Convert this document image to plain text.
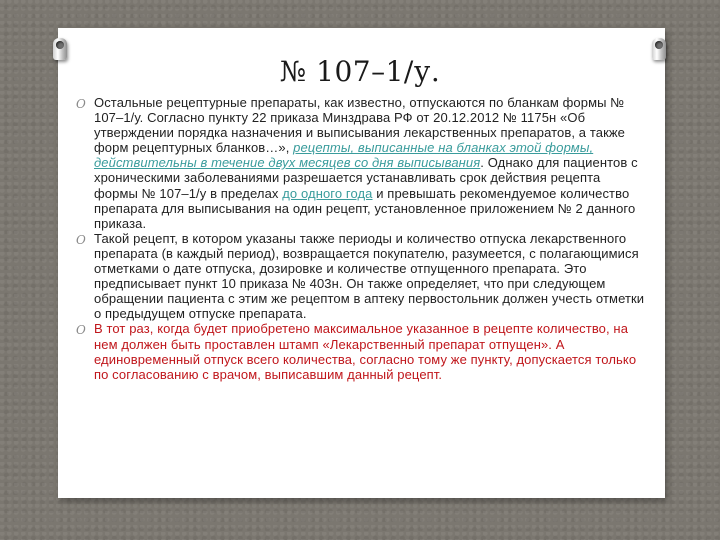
№ 107–1/у.
O Остальные рецептурные препараты, как известно, отпускаются по бланкам формы № 107–1/у. Согласно пункту 22 приказа Минздрава РФ от 20.12.2012 № 1175н «Об утверждении порядка назначения и выписывания лекарственных препаратов, а также форм рецептурных бланков…», рецепты, выписанные на бланках этой формы, действительны в течение двух месяцев со дня выписывания. Однако для пациентов с хроническими заболеваниями разрешается устанавливать срок действия рецепта формы № 107–1/у в пределах до одного года и превышать рекомендуемое количество препарата для выписывания на один рецепт, установленное приложением № 2 данного приказа.
O Такой рецепт, в котором указаны также периоды и количество отпуска лекарственного препарата (в каждый период), возвращается покупателю, разумеется, с полагающимися отметками о дате отпуска, дозировке и количестве отпущенного препарата. Это предписывает пункт 10 приказа № 403н. Он также определяет, что при следующем обращении пациента с этим же рецептом в аптеку первостольник должен учесть отметки о предыдущем отпуске препарата.
O В тот раз, когда будет приобретено максимальное указанное в рецепте количество, на нем должен быть проставлен штамп «Лекарственный препарат отпущен». А единовременный отпуск всего количества, согласно тому же пункту, допускается только по согласованию с врачом, выписавшим данный рецепт.
